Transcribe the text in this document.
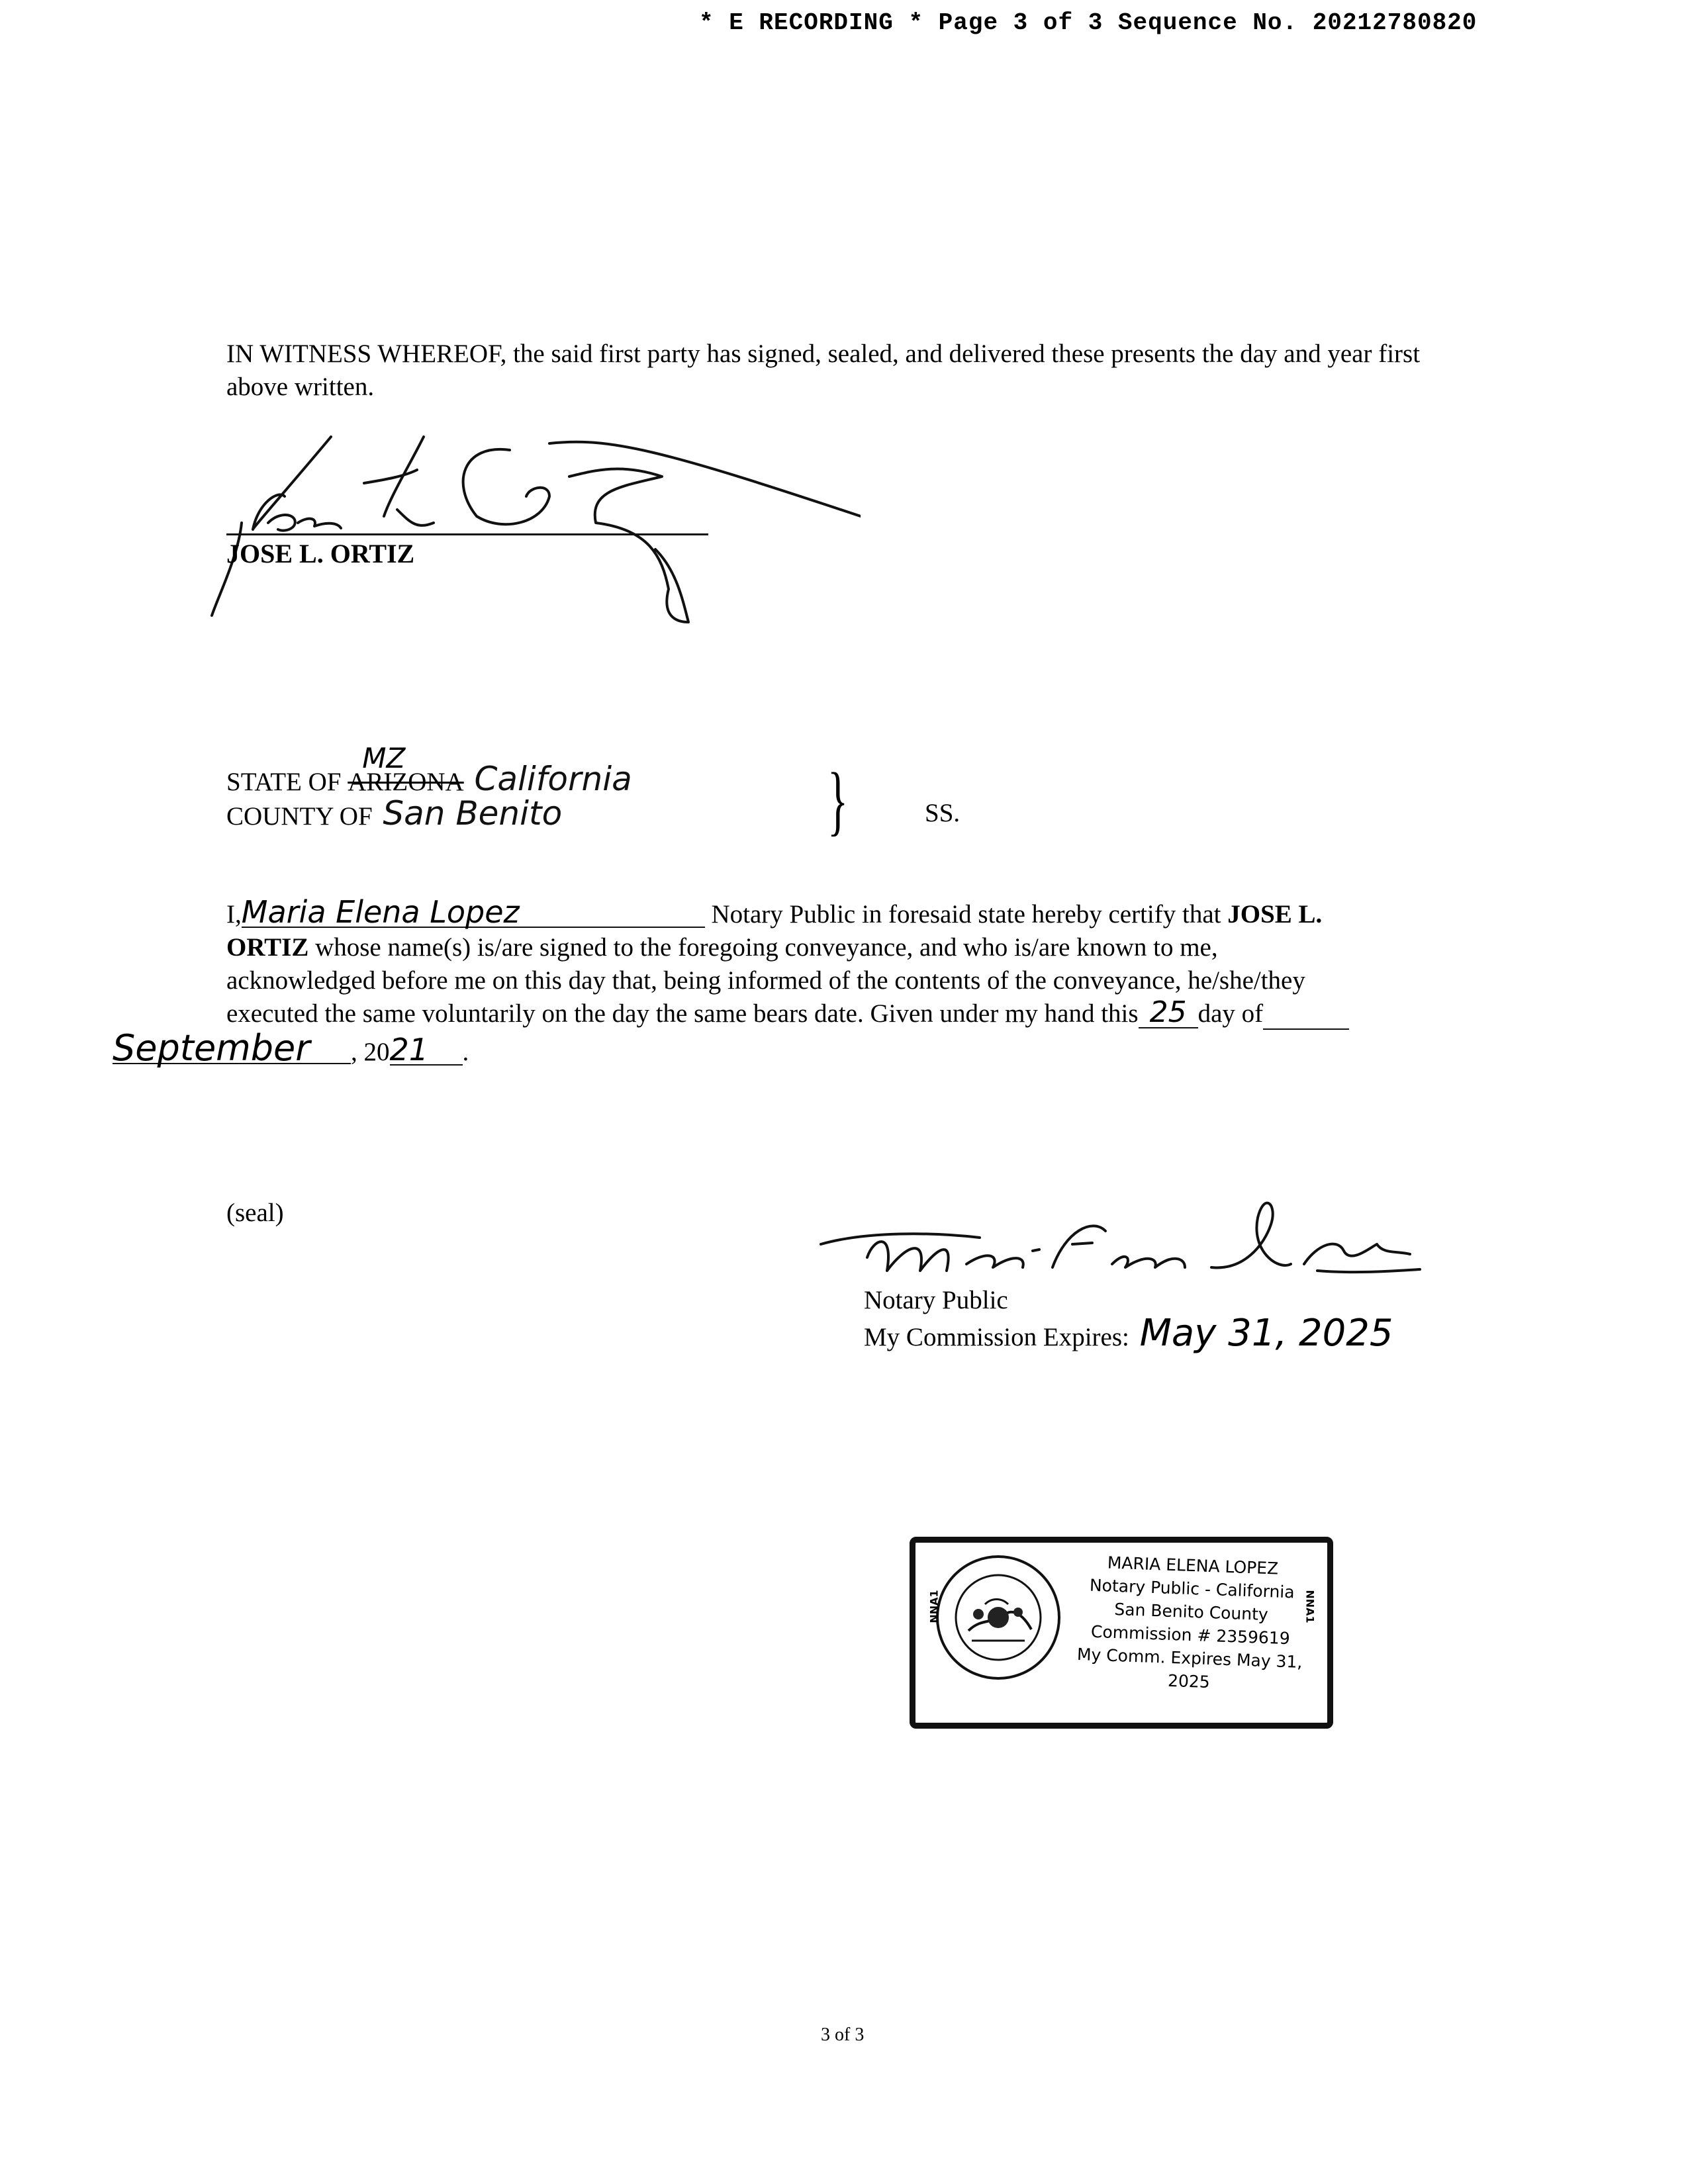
* E RECORDING * Page 3 of 3 Sequence No. 20212780820
IN WITNESS WHEREOF, the said first party has signed, sealed, and delivered these presents the day and year first above written.
JOSE L. ORTIZ
STATE OF ARIZONA
MZ
California
COUNTY OF San Benito	}	SS.

I,Maria Elena Lopez	Notary Public in foresaid state hereby certify that JOSE L.

ORTIZ whose name(s) is/are signed to the foregoing conveyance, and who is/are known to me,

acknowledged before me on this day that, being informed of the contents of the conveyance, he/she/they

executed the same voluntarily on the day the same bears date. Given under my hand this 25 day of

September , 2021 .
(seal)
Notary Public
My Commission Expires: May 31, 2025
MARIA ELENA LOPEZ
Notary Public - California
San Benito County
Commission # 2359619
My Comm. Expires May 31, 2025
NNA1	NNA1
3 of 3
